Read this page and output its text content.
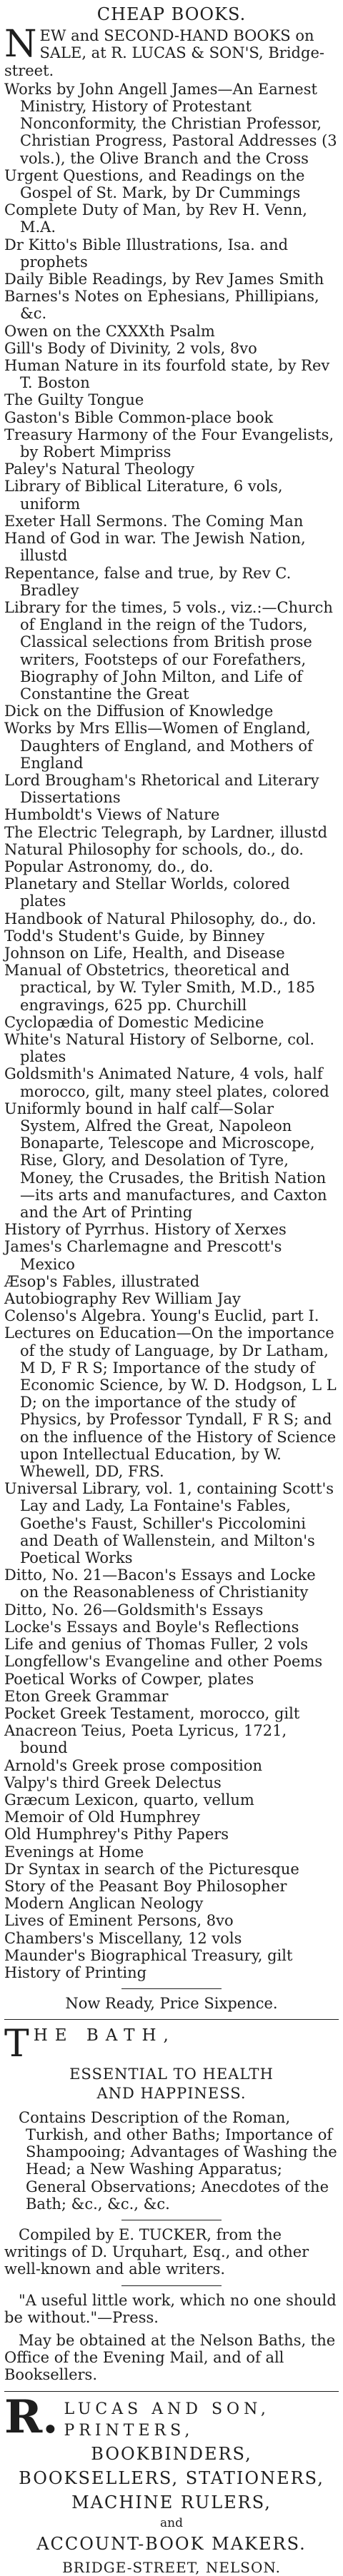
CHEAP BOOKS.
N EW and SECOND-HAND BOOKS on SALE, at R. LUCAS & SON'S, Bridge-street.

Works by John Angell James—An Earnest Ministry, History of Protestant Nonconformity, the Christian Professor, Christian Progress, Pastoral Addresses (3 vols.), the Olive Branch and the Cross

Urgent Questions, and Readings on the Gospel of St. Mark, by Dr Cummings

Complete Duty of Man, by Rev H. Venn, M.A.

Dr Kitto's Bible Illustrations, Isa. and prophets

Daily Bible Readings, by Rev James Smith

Barnes's Notes on Ephesians, Phillipians, &c.

Owen on the CXXXth Psalm

Gill's Body of Divinity, 2 vols, 8vo

Human Nature in its fourfold state, by Rev T. Boston

The Guilty Tongue

Gaston's Bible Common-place book

Treasury Harmony of the Four Evangelists, by Robert Mimpriss

Paley's Natural Theology

Library of Biblical Literature, 6 vols, uniform

Exeter Hall Sermons. The Coming Man

Hand of God in war. The Jewish Nation, illustd

Repentance, false and true, by Rev C. Bradley

Library for the times, 5 vols., viz.:—Church of England in the reign of the Tudors, Classical selections from British prose writers, Footsteps of our Forefathers, Biography of John Milton, and Life of Constantine the Great

Dick on the Diffusion of Knowledge

Works by Mrs Ellis—Women of England, Daughters of England, and Mothers of England

Lord Brougham's Rhetorical and Literary Dissertations

Humboldt's Views of Nature

The Electric Telegraph, by Lardner, illustd

Natural Philosophy for schools, do., do.

Popular Astronomy, do., do.

Planetary and Stellar Worlds, colored plates

Handbook of Natural Philosophy, do., do.

Todd's Student's Guide, by Binney

Johnson on Life, Health, and Disease

Manual of Obstetrics, theoretical and practical, by W. Tyler Smith, M.D., 185 engravings, 625 pp. Churchill

Cyclopædia of Domestic Medicine

White's Natural History of Selborne, col. plates

Goldsmith's Animated Nature, 4 vols, half morocco, gilt, many steel plates, colored

Uniformly bound in half calf—Solar System, Alfred the Great, Napoleon Bonaparte, Telescope and Microscope, Rise, Glory, and Desolation of Tyre, Money, the Crusades, the British Nation—its arts and manufactures, and Caxton and the Art of Printing

History of Pyrrhus. History of Xerxes

James's Charlemagne and Prescott's Mexico

Æsop's Fables, illustrated

Autobiography Rev William Jay

Colenso's Algebra. Young's Euclid, part I.

Lectures on Education—On the importance of the study of Language, by Dr Latham, M D, F R S; Importance of the study of Economic Science, by W. D. Hodgson, L L D; on the importance of the study of Physics, by Professor Tyndall, F R S; and on the influence of the History of Science upon Intellectual Education, by W. Whewell, DD, FRS.

Universal Library, vol. 1, containing Scott's Lay and Lady, La Fontaine's Fables, Goethe's Faust, Schiller's Piccolomini and Death of Wallenstein, and Milton's Poetical Works

Ditto, No. 21—Bacon's Essays and Locke on the Reasonableness of Christianity

Ditto, No. 26—Goldsmith's Essays

Locke's Essays and Boyle's Reflections

Life and genius of Thomas Fuller, 2 vols

Longfellow's Evangeline and other Poems

Poetical Works of Cowper, plates

Eton Greek Grammar

Pocket Greek Testament, morocco, gilt

Anacreon Teius, Poeta Lyricus, 1721, bound

Arnold's Greek prose composition

Valpy's third Greek Delectus

Græcum Lexicon, quarto, vellum

Memoir of Old Humphrey

Old Humphrey's Pithy Papers

Evenings at Home

Dr Syntax in search of the Picturesque

Story of the Peasant Boy Philosopher

Modern Anglican Neology

Lives of Eminent Persons, 8vo

Chambers's Miscellany, 12 vols

Maunder's Biographical Treasury, gilt

History of Printing

Now Ready, Price Sixpence.
T HE BATH,
ESSENTIAL TO HEALTH
AND HAPPINESS.

Contains Description of the Roman, Turkish, and other Baths; Importance of Shampooing; Advantages of Washing the Head; a New Washing Apparatus; General Observations; Anecdotes of the Bath; &c., &c., &c.

Compiled by E. TUCKER, from the writings of D. Urquhart, Esq., and other well-known and able writers.

"A useful little work, which no one should be without."—Press.

May be obtained at the Nelson Baths, the Office of the Evening Mail, and of all Booksellers.

R. LUCAS AND SON,

PRINTERS,

BOOKBINDERS,

BOOKSELLERS, STATIONERS,

MACHINE RULERS,

and

ACCOUNT-BOOK MAKERS.

BRIDGE-STREET, NELSON.
